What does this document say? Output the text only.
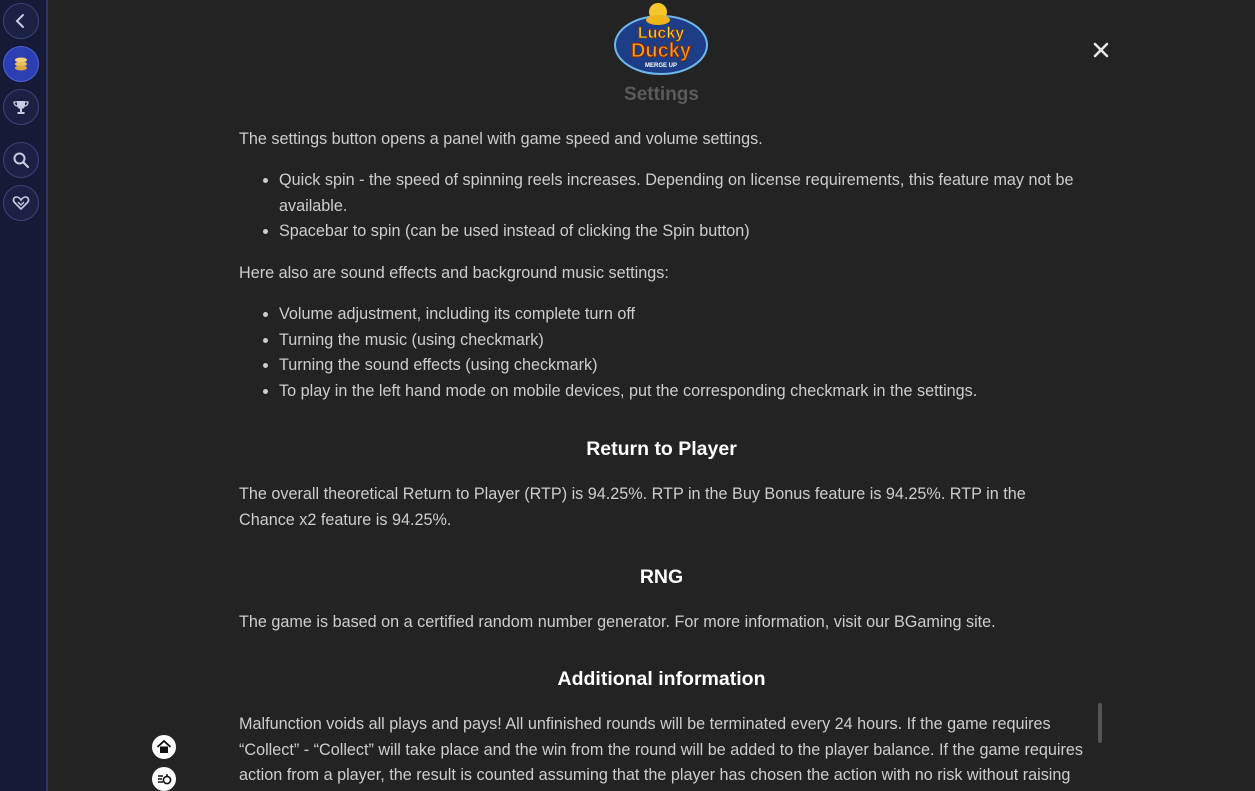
Lucky
Ducky
MERGE UP
Settings

The settings button opens a panel with game speed and volume settings.

• Quick spin - the speed of spinning reels increases. Depending on license requirements, this feature may not be available.
• Spacebar to spin (can be used instead of clicking the Spin button)

Here also are sound effects and background music settings:

• Volume adjustment, including its complete turn off
• Turning the music (using checkmark)
• Turning the sound effects (using checkmark)
• To play in the left hand mode on mobile devices, put the corresponding checkmark in the settings.
Return to Player

The overall theoretical Return to Player (RTP) is 94.25%. RTP in the Buy Bonus feature is 94.25%. RTP in the Chance x2 feature is 94.25%.

RNG

The game is based on a certified random number generator. For more information, visit our BGaming site.

Additional information

Malfunction voids all plays and pays! All unfinished rounds will be terminated every 24 hours. If the game requires “Collect” - “Collect” will take place and the win from the round will be added to the player balance. If the game requires action from a player, the result is counted assuming that the player has chosen the action with no risk without raising
